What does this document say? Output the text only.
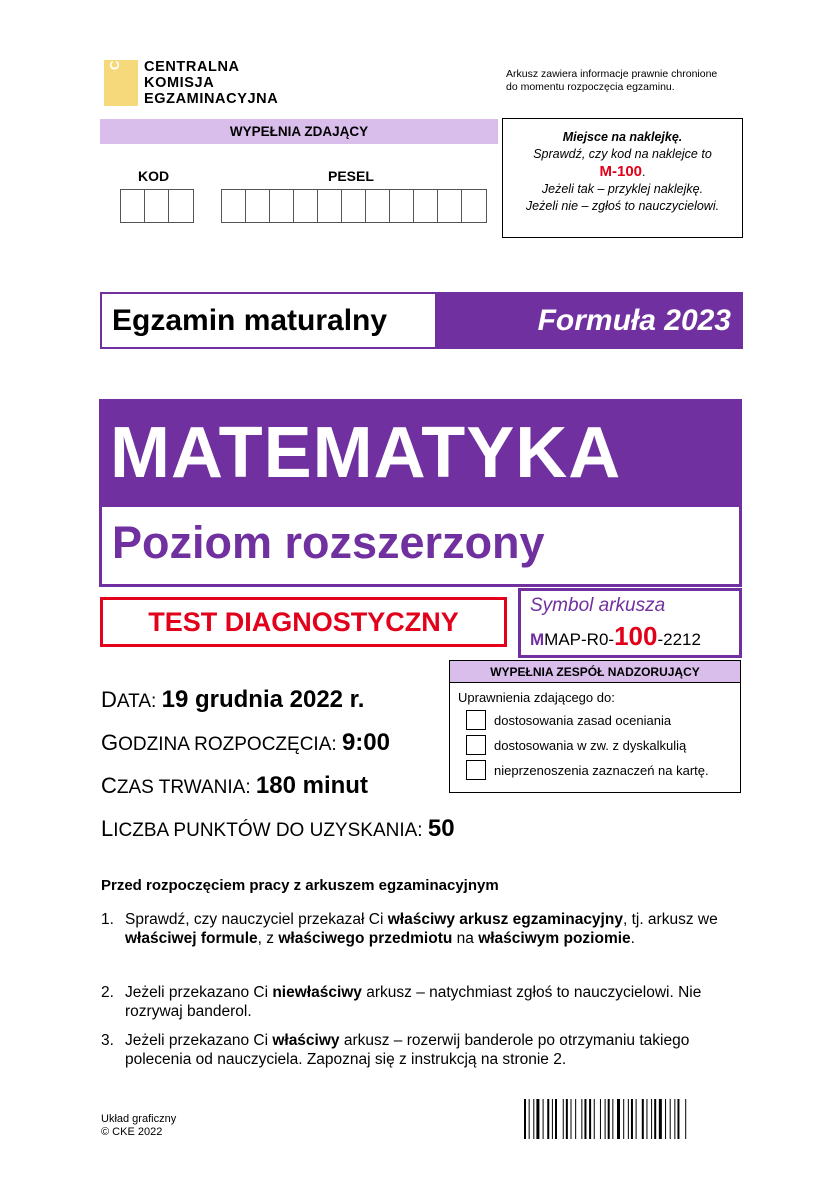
CK CENTRALNA
KOMISJA
EGZAMINACYJNA
Arkusz zawiera informacje prawnie chronione
do momentu rozpoczęcia egzaminu.
WYPEŁNIA ZDAJĄCY
KOD	PESEL
Miejsce na naklejkę.
Sprawdź, czy kod na naklejce to
M-100.
Jeżeli tak – przyklej naklejkę.
Jeżeli nie – zgłoś to nauczycielowi.
Egzamin maturalny	Formuła 2023
MATEMATYKA
Poziom rozszerzony
TEST DIAGNOSTYCZNY
Symbol arkusza
MMAP-R0-100-2212
WYPEŁNIA ZESPÓŁ NADZORUJĄCY
Uprawnienia zdającego do:
dostosowania zasad oceniania
dostosowania w zw. z dyskalkulią
nieprzenoszenia zaznaczeń na kartę.
DATA: 19 grudnia 2022 r.
GODZINA ROZPOCZĘCIA: 9:00
CZAS TRWANIA: 180 minut
LICZBA PUNKTÓW DO UZYSKANIA: 50
Przed rozpoczęciem pracy z arkuszem egzaminacyjnym
1. Sprawdź, czy nauczyciel przekazał Ci właściwy arkusz egzaminacyjny, tj. arkusz we właściwej formule, z właściwego przedmiotu na właściwym poziomie.
2. Jeżeli przekazano Ci niewłaściwy arkusz – natychmiast zgłoś to nauczycielowi. Nie rozrywaj banderol.
3. Jeżeli przekazano Ci właściwy arkusz – rozerwij banderole po otrzymaniu takiego polecenia od nauczyciela. Zapoznaj się z instrukcją na stronie 2.
Układ graficzny
© CKE 2022
